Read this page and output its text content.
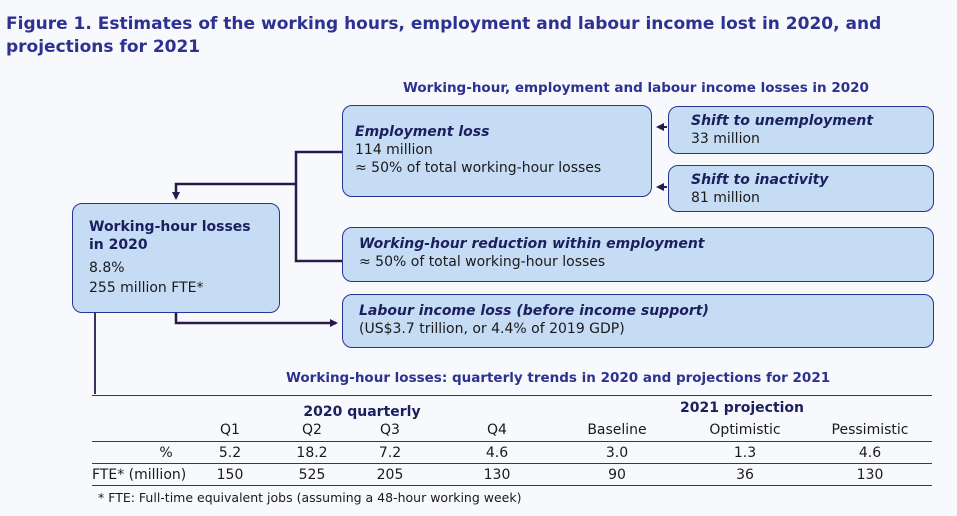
Figure 1. Estimates of the working hours, employment and labour income lost in 2020, and projections for 2021
Working-hour, employment and labour income losses in 2020
Working-hour losses
in 2020
8.8%
255 million FTE*
Employment loss
114 million
≈ 50% of total working-hour losses
Shift to unemployment
33 million
Shift to inactivity
81 million
Working-hour reduction within employment
≈ 50% of total working-hour losses
Labour income loss (before income support)
(US$3.7 trillion, or 4.4% of 2019 GDP)
Working-hour losses: quarterly trends in 2020 and projections for 2021
2020 quarterly	2021 projection
Q1	Q2	Q3	Q4	Baseline	Optimistic	Pessimistic
%	5.2	18.2	7.2	4.6	3.0	1.3	4.6
FTE* (million)	150	525	205	130	90	36	130
* FTE: Full-time equivalent jobs (assuming a 48-hour working week)
